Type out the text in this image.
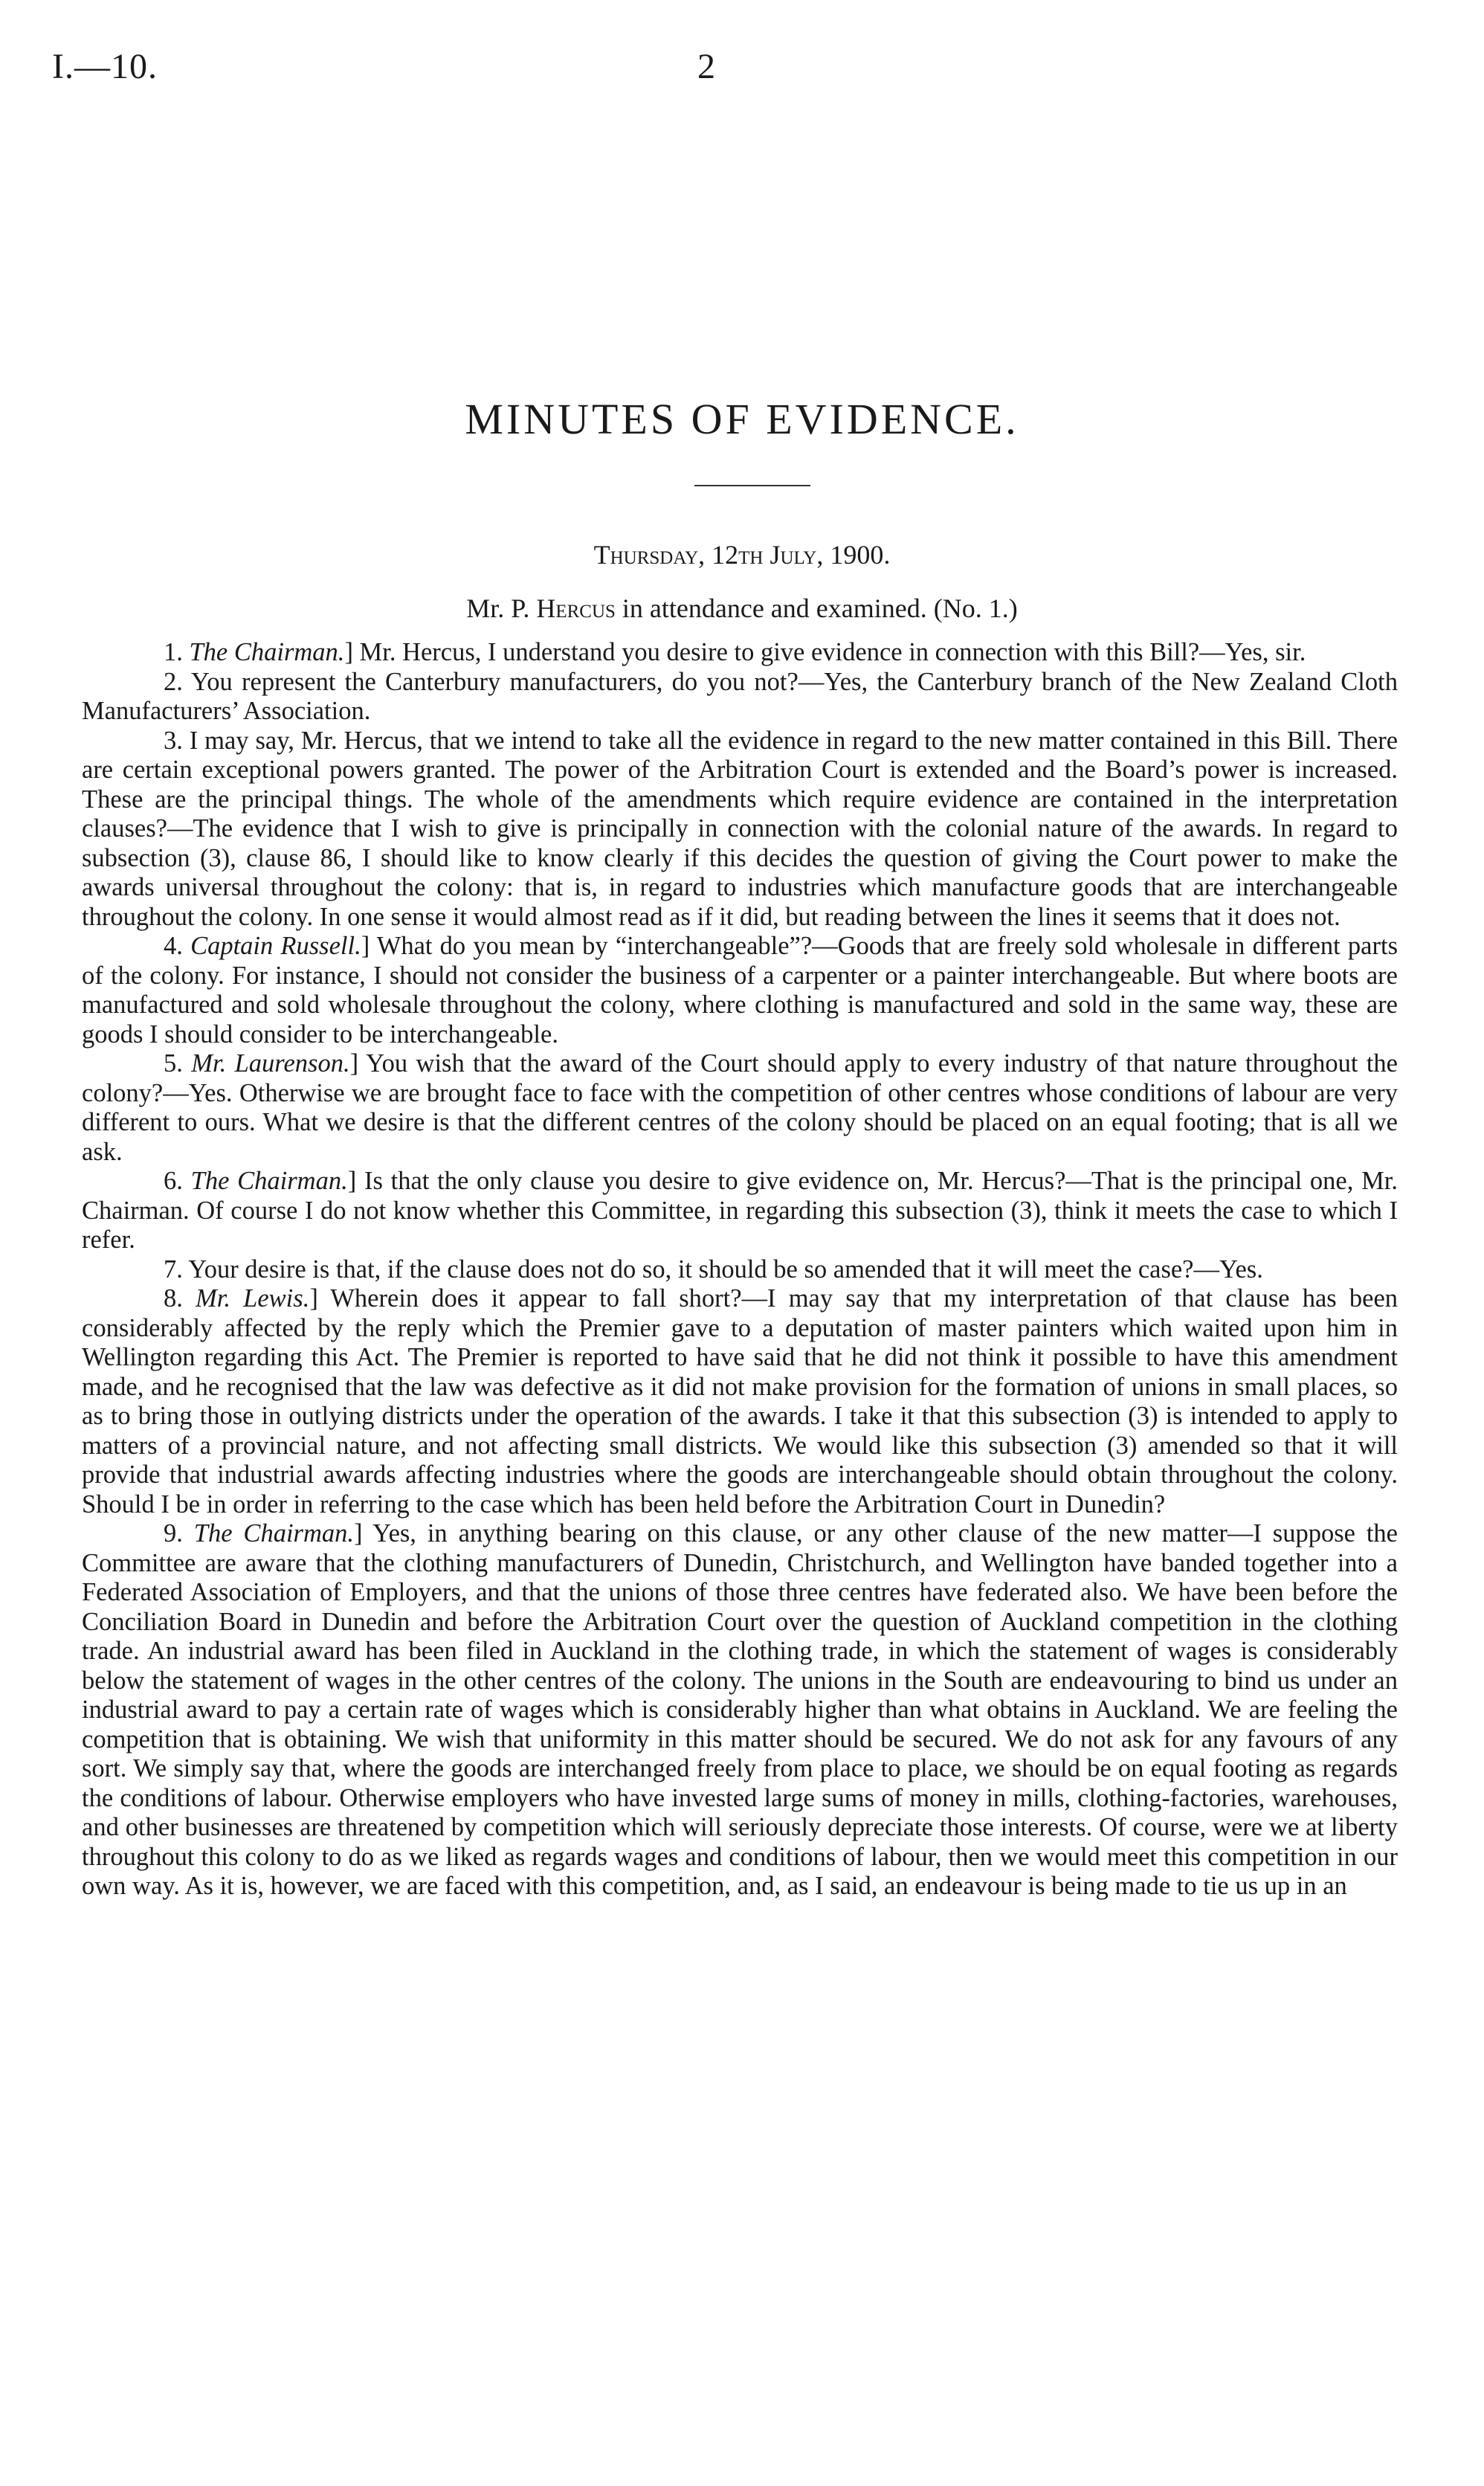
I.—10.	2
MINUTES OF EVIDENCE.
Thursday, 12th July, 1900.
Mr. P. Hercus in attendance and examined. (No. 1.)

1. The Chairman.] Mr. Hercus, I understand you desire to give evidence in connection with this Bill?—Yes, sir.

2. You represent the Canterbury manufacturers, do you not?—Yes, the Canterbury branch of the New Zealand Cloth Manufacturers’ Association.

3. I may say, Mr. Hercus, that we intend to take all the evidence in regard to the new matter contained in this Bill. There are certain exceptional powers granted. The power of the Arbitration Court is extended and the Board’s power is increased. These are the principal things. The whole of the amendments which require evidence are contained in the interpretation clauses?—The evidence that I wish to give is principally in connection with the colonial nature of the awards. In regard to subsection (3), clause 86, I should like to know clearly if this decides the question of giving the Court power to make the awards universal throughout the colony: that is, in regard to industries which manufacture goods that are interchangeable throughout the colony. In one sense it would almost read as if it did, but reading between the lines it seems that it does not.

4. Captain Russell.] What do you mean by “interchangeable”?—Goods that are freely sold wholesale in different parts of the colony. For instance, I should not consider the business of a carpenter or a painter interchangeable. But where boots are manufactured and sold wholesale throughout the colony, where clothing is manufactured and sold in the same way, these are goods I should consider to be interchangeable.

5. Mr. Laurenson.] You wish that the award of the Court should apply to every industry of that nature throughout the colony?—Yes. Otherwise we are brought face to face with the competition of other centres whose conditions of labour are very different to ours. What we desire is that the different centres of the colony should be placed on an equal footing; that is all we ask.

6. The Chairman.] Is that the only clause you desire to give evidence on, Mr. Hercus?—That is the principal one, Mr. Chairman. Of course I do not know whether this Committee, in regarding this subsection (3), think it meets the case to which I refer.

7. Your desire is that, if the clause does not do so, it should be so amended that it will meet the case?—Yes.

8. Mr. Lewis.] Wherein does it appear to fall short?—I may say that my interpretation of that clause has been considerably affected by the reply which the Premier gave to a deputation of master painters which waited upon him in Wellington regarding this Act. The Premier is reported to have said that he did not think it possible to have this amendment made, and he recognised that the law was defective as it did not make provision for the formation of unions in small places, so as to bring those in outlying districts under the operation of the awards. I take it that this subsection (3) is intended to apply to matters of a provincial nature, and not affecting small districts. We would like this subsection (3) amended so that it will provide that industrial awards affecting industries where the goods are interchangeable should obtain throughout the colony. Should I be in order in referring to the case which has been held before the Arbitration Court in Dunedin?

9. The Chairman.] Yes, in anything bearing on this clause, or any other clause of the new matter—I suppose the Committee are aware that the clothing manufacturers of Dunedin, Christchurch, and Wellington have banded together into a Federated Association of Employers, and that the unions of those three centres have federated also. We have been before the Conciliation Board in Dunedin and before the Arbitration Court over the question of Auckland competition in the clothing trade. An industrial award has been filed in Auckland in the clothing trade, in which the statement of wages is considerably below the statement of wages in the other centres of the colony. The unions in the South are endeavouring to bind us under an industrial award to pay a certain rate of wages which is considerably higher than what obtains in Auckland. We are feeling the competition that is obtaining. We wish that uniformity in this matter should be secured. We do not ask for any favours of any sort. We simply say that, where the goods are interchanged freely from place to place, we should be on equal footing as regards the conditions of labour. Otherwise employers who have invested large sums of money in mills, clothing-factories, warehouses, and other businesses are threatened by competition which will seriously depreciate those interests. Of course, were we at liberty throughout this colony to do as we liked as regards wages and conditions of labour, then we would meet this competition in our own way. As it is, however, we are faced with this competition, and, as I said, an endeavour is being made to tie us up in an
